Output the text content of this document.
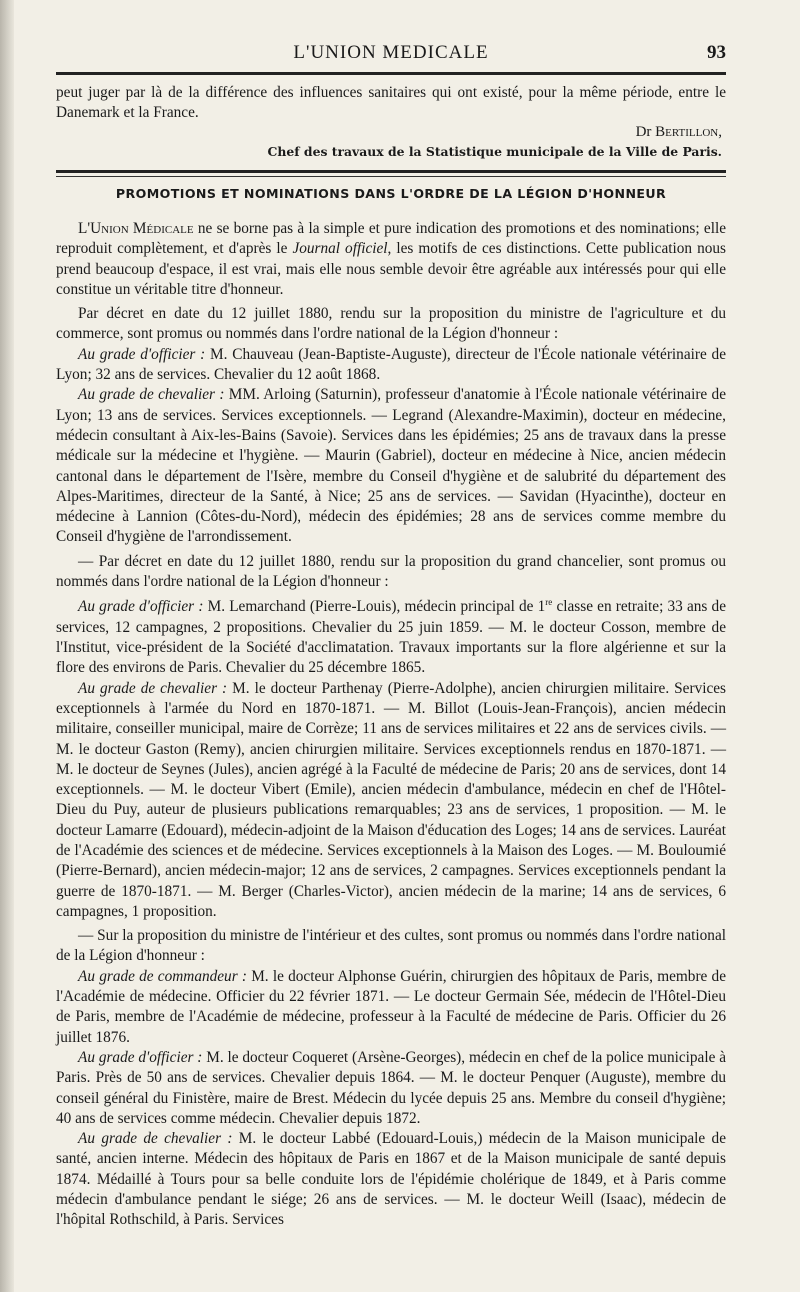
L'UNION MEDICALE	93

peut juger par là de la différence des influences sanitaires qui ont existé, pour la même période, entre le Danemark et la France.

Dr Bertillon,
Chef des travaux de la Statistique municipale de la Ville de Paris.
PROMOTIONS ET NOMINATIONS DANS L'ORDRE DE LA LÉGION D'HONNEUR

L'Union Médicale ne se borne pas à la simple et pure indication des promotions et des nominations; elle reproduit complètement, et d'après le Journal officiel, les motifs de ces distinctions. Cette publication nous prend beaucoup d'espace, il est vrai, mais elle nous semble devoir être agréable aux intéressés pour qui elle constitue un véritable titre d'honneur.

Par décret en date du 12 juillet 1880, rendu sur la proposition du ministre de l'agriculture et du commerce, sont promus ou nommés dans l'ordre national de la Légion d'honneur :

Au grade d'officier : M. Chauveau (Jean-Baptiste-Auguste), directeur de l'École nationale vétérinaire de Lyon; 32 ans de services. Chevalier du 12 août 1868.

Au grade de chevalier : MM. Arloing (Saturnin), professeur d'anatomie à l'École nationale vétérinaire de Lyon; 13 ans de services. Services exceptionnels. — Legrand (Alexandre-Maximin), docteur en médecine, médecin consultant à Aix-les-Bains (Savoie). Services dans les épidémies; 25 ans de travaux dans la presse médicale sur la médecine et l'hygiène. — Maurin (Gabriel), docteur en médecine à Nice, ancien médecin cantonal dans le département de l'Isère, membre du Conseil d'hygiène et de salubrité du département des Alpes-Maritimes, directeur de la Santé, à Nice; 25 ans de services. — Savidan (Hyacinthe), docteur en médecine à Lannion (Côtes-du-Nord), médecin des épidémies; 28 ans de services comme membre du Conseil d'hygiène de l'arrondissement.

— Par décret en date du 12 juillet 1880, rendu sur la proposition du grand chancelier, sont promus ou nommés dans l'ordre national de la Légion d'honneur :

Au grade d'officier : M. Lemarchand (Pierre-Louis), médecin principal de 1re classe en retraite; 33 ans de services, 12 campagnes, 2 propositions. Chevalier du 25 juin 1859. — M. le docteur Cosson, membre de l'Institut, vice-président de la Société d'acclimatation. Travaux importants sur la flore algérienne et sur la flore des environs de Paris. Chevalier du 25 décembre 1865.

Au grade de chevalier : M. le docteur Parthenay (Pierre-Adolphe), ancien chirurgien militaire. Services exceptionnels à l'armée du Nord en 1870-1871. — M. Billot (Louis-Jean-François), ancien médecin militaire, conseiller municipal, maire de Corrèze; 11 ans de services militaires et 22 ans de services civils. — M. le docteur Gaston (Remy), ancien chirurgien militaire. Services exceptionnels rendus en 1870-1871. — M. le docteur de Seynes (Jules), ancien agrégé à la Faculté de médecine de Paris; 20 ans de services, dont 14 exceptionnels. — M. le docteur Vibert (Emile), ancien médecin d'ambulance, médecin en chef de l'Hôtel-Dieu du Puy, auteur de plusieurs publications remarquables; 23 ans de services, 1 proposition. — M. le docteur Lamarre (Edouard), médecin-adjoint de la Maison d'éducation des Loges; 14 ans de services. Lauréat de l'Académie des sciences et de médecine. Services exceptionnels à la Maison des Loges. — M. Bouloumié (Pierre-Bernard), ancien médecin-major; 12 ans de services, 2 campagnes. Services exceptionnels pendant la guerre de 1870-1871. — M. Berger (Charles-Victor), ancien médecin de la marine; 14 ans de services, 6 campagnes, 1 proposition.

— Sur la proposition du ministre de l'intérieur et des cultes, sont promus ou nommés dans l'ordre national de la Légion d'honneur :

Au grade de commandeur : M. le docteur Alphonse Guérin, chirurgien des hôpitaux de Paris, membre de l'Académie de médecine. Officier du 22 février 1871. — Le docteur Germain Sée, médecin de l'Hôtel-Dieu de Paris, membre de l'Académie de médecine, professeur à la Faculté de médecine de Paris. Officier du 26 juillet 1876.

Au grade d'officier : M. le docteur Coqueret (Arsène-Georges), médecin en chef de la police municipale à Paris. Près de 50 ans de services. Chevalier depuis 1864. — M. le docteur Penquer (Auguste), membre du conseil général du Finistère, maire de Brest. Médecin du lycée depuis 25 ans. Membre du conseil d'hygiène; 40 ans de services comme médecin. Chevalier depuis 1872.

Au grade de chevalier : M. le docteur Labbé (Edouard-Louis,) médecin de la Maison municipale de santé, ancien interne. Médecin des hôpitaux de Paris en 1867 et de la Maison municipale de santé depuis 1874. Médaillé à Tours pour sa belle conduite lors de l'épidémie cholérique de 1849, et à Paris comme médecin d'ambulance pendant le siége; 26 ans de services. — M. le docteur Weill (Isaac), médecin de l'hôpital Rothschild, à Paris. Services
